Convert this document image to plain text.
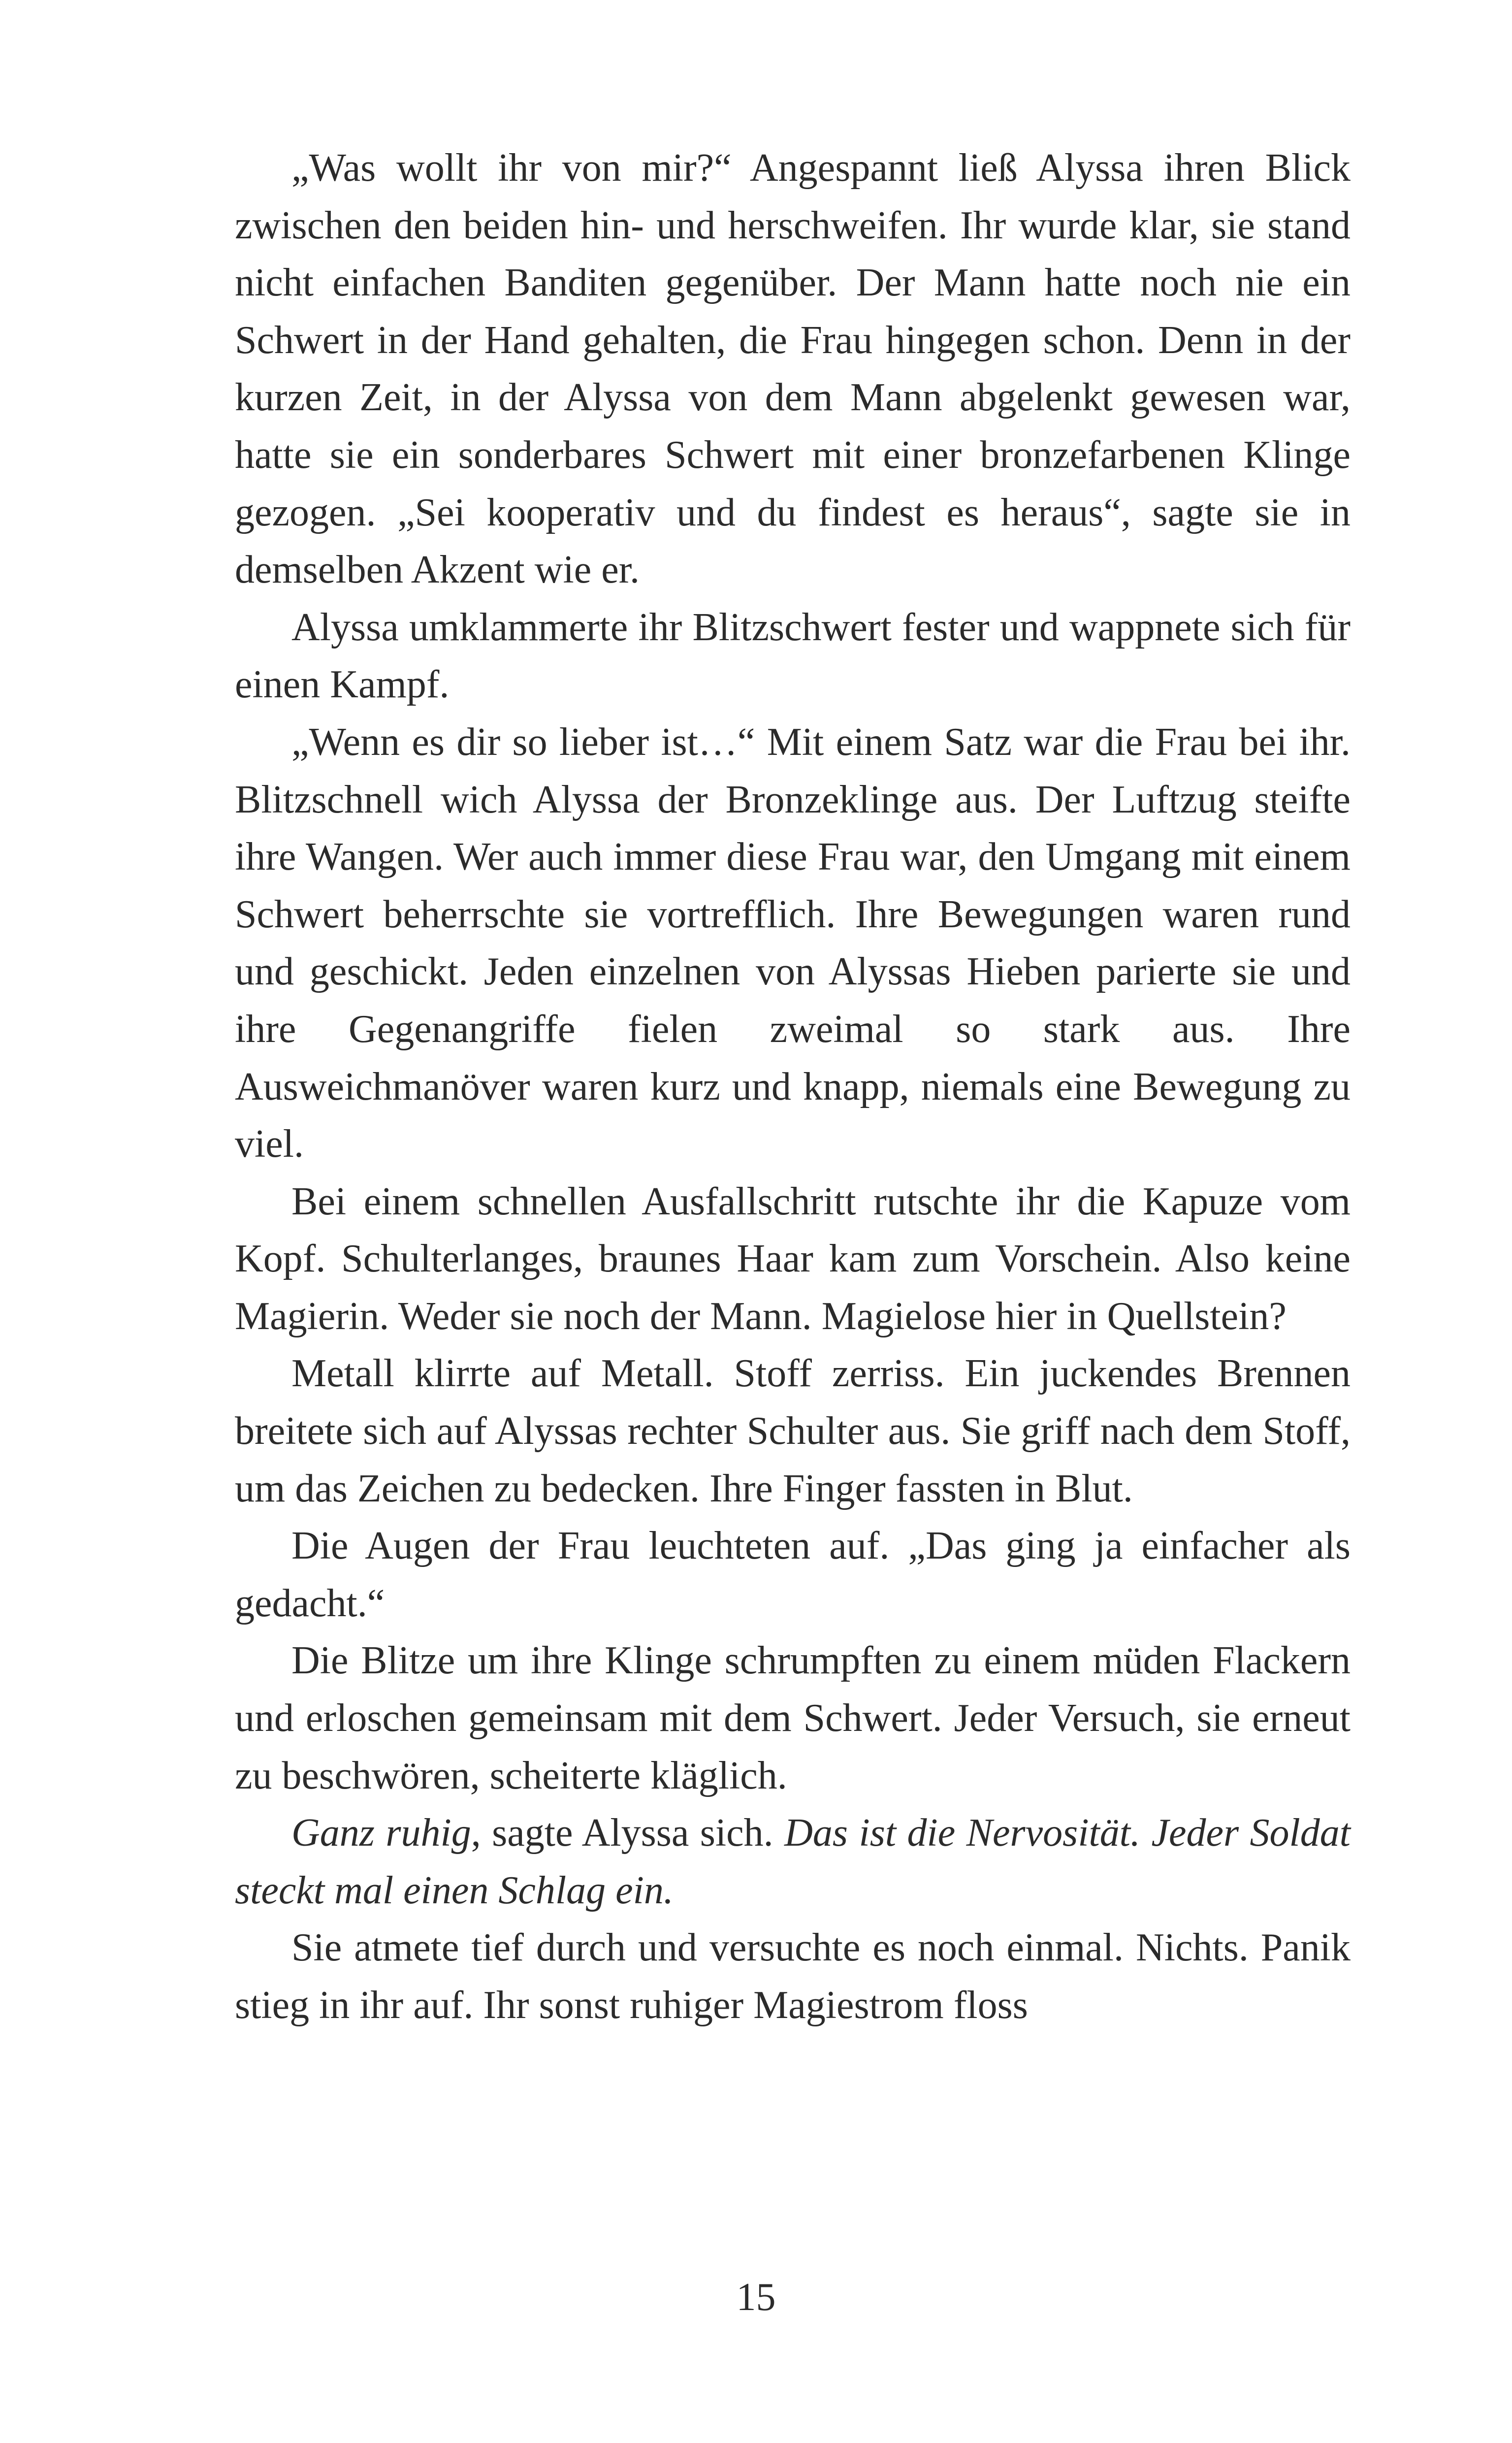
„Was wollt ihr von mir?“ Angespannt ließ Alyssa ihren Blick zwischen den beiden hin- und herschweifen. Ihr wurde klar, sie stand nicht einfachen Banditen gegenüber. Der Mann hatte noch nie ein Schwert in der Hand gehalten, die Frau hingegen schon. Denn in der kurzen Zeit, in der Alyssa von dem Mann abgelenkt gewesen war, hatte sie ein sonderbares Schwert mit einer bronzefarbenen Klinge gezogen. „Sei kooperativ und du findest es heraus“, sagte sie in demselben Akzent wie er.

Alyssa umklammerte ihr Blitzschwert fester und wappnete sich für einen Kampf.

„Wenn es dir so lieber ist…“ Mit einem Satz war die Frau bei ihr. Blitzschnell wich Alyssa der Bronzeklinge aus. Der Luftzug steifte ihre Wangen. Wer auch immer diese Frau war, den Umgang mit einem Schwert beherrschte sie vortrefflich. Ihre Bewegungen waren rund und geschickt. Jeden einzelnen von Alyssas Hieben parierte sie und ihre Gegenangriffe fielen zweimal so stark aus. Ihre Ausweichmanöver waren kurz und knapp, niemals eine Bewegung zu viel.

Bei einem schnellen Ausfallschritt rutschte ihr die Kapuze vom Kopf. Schulterlanges, braunes Haar kam zum Vorschein. Also keine Magierin. Weder sie noch der Mann. Magielose hier in Quellstein?

Metall klirrte auf Metall. Stoff zerriss. Ein juckendes Brennen breitete sich auf Alyssas rechter Schulter aus. Sie griff nach dem Stoff, um das Zeichen zu bedecken. Ihre Finger fassten in Blut.

Die Augen der Frau leuchteten auf. „Das ging ja einfacher als gedacht.“

Die Blitze um ihre Klinge schrumpften zu einem müden Flackern und erloschen gemeinsam mit dem Schwert. Jeder Versuch, sie erneut zu beschwören, scheiterte kläglich.

Ganz ruhig, sagte Alyssa sich. Das ist die Nervosität. Jeder Soldat steckt mal einen Schlag ein.

Sie atmete tief durch und versuchte es noch einmal. Nichts. Panik stieg in ihr auf. Ihr sonst ruhiger Magiestrom floss

15
